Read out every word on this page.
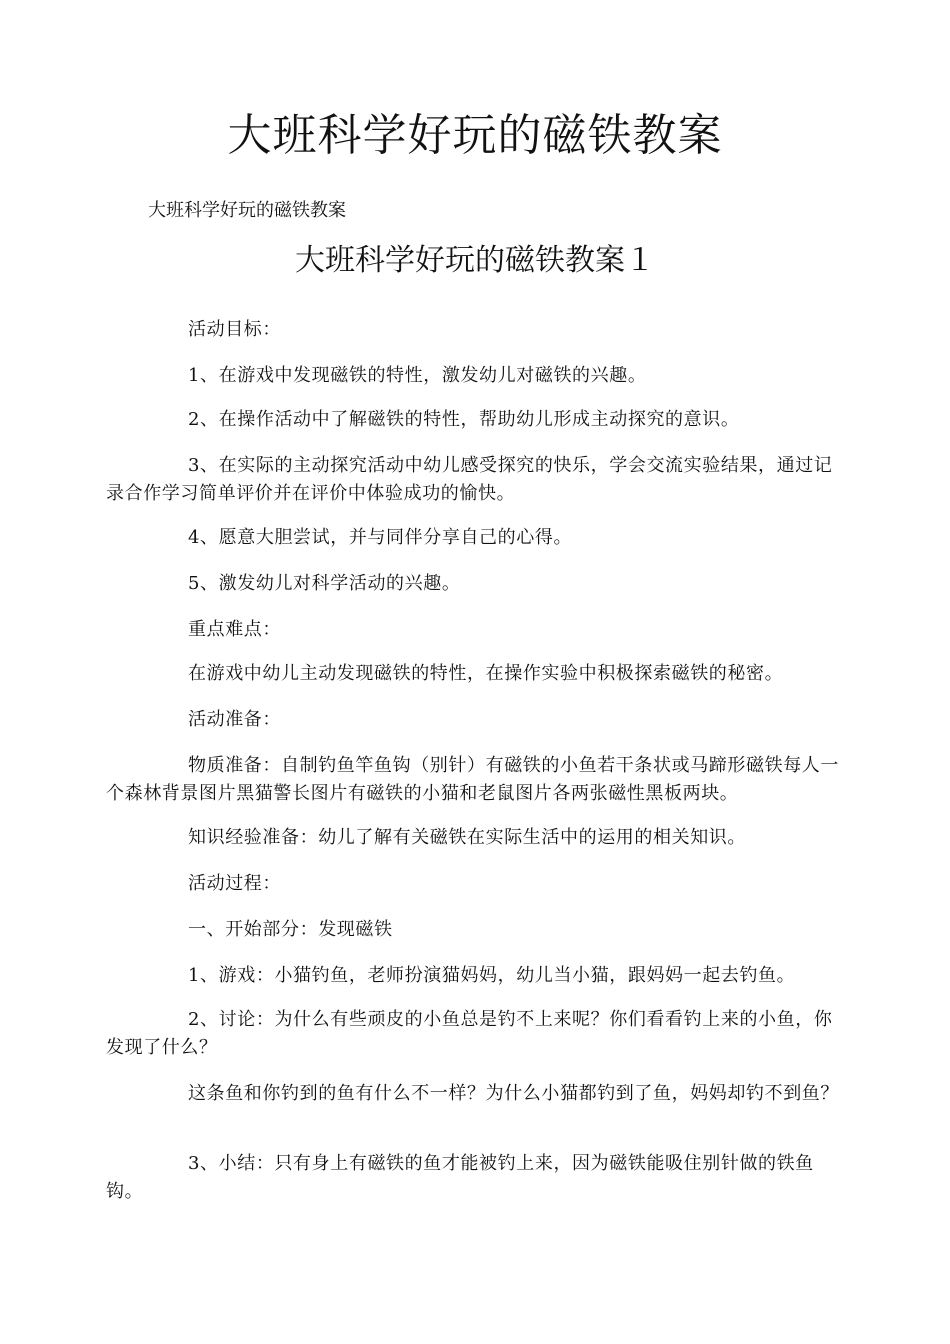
大班科学好玩的磁铁教案

大班科学好玩的磁铁教案

大班科学好玩的磁铁教案１

活动目标：

1、在游戏中发现磁铁的特性，激发幼儿对磁铁的兴趣。

2、在操作活动中了解磁铁的特性，帮助幼儿形成主动探究的意识。

3、在实际的主动探究活动中幼儿感受探究的快乐，学会交流实验结果，通过记录合作学习简单评价并在评价中体验成功的愉快。

4、愿意大胆尝试，并与同伴分享自己的心得。

5、激发幼儿对科学活动的兴趣。

重点难点：

在游戏中幼儿主动发现磁铁的特性，在操作实验中积极探索磁铁的秘密。

活动准备：

物质准备：自制钓鱼竿鱼钩（别针）有磁铁的小鱼若干条状或马蹄形磁铁每人一个森林背景图片黑猫警长图片有磁铁的小猫和老鼠图片各两张磁性黑板两块。

知识经验准备：幼儿了解有关磁铁在实际生活中的运用的相关知识。

活动过程：

一、开始部分：发现磁铁

1、游戏：小猫钓鱼，老师扮演猫妈妈，幼儿当小猫，跟妈妈一起去钓鱼。

2、讨论：为什么有些顽皮的小鱼总是钓不上来呢？你们看看钓上来的小鱼，你发现了什么？

这条鱼和你钓到的鱼有什么不一样？为什么小猫都钓到了鱼，妈妈却钓不到鱼？

3、小结：只有身上有磁铁的鱼才能被钓上来，因为磁铁能吸住别针做的铁鱼钩。
